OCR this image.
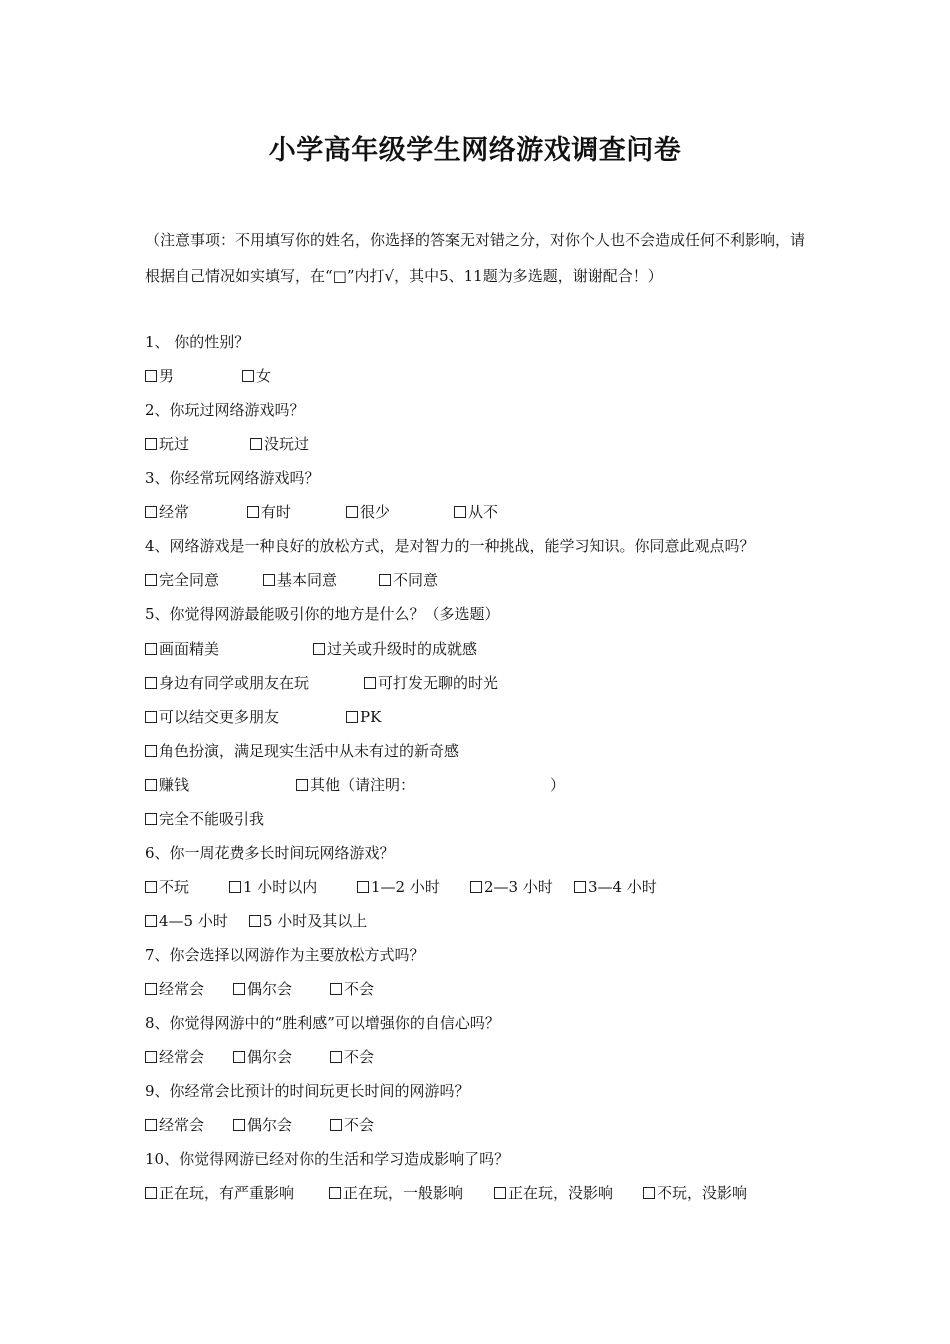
小学高年级学生网络游戏调查问卷

（注意事项：不用填写你的姓名，你选择的答案无对错之分，对你个人也不会造成任何不利影响，请根据自己情况如实填写，在“□”内打√，其中5、11题为多选题，谢谢配合！）

1、 你的性别？
男	女
2、你玩过网络游戏吗？
玩过	没玩过
3、你经常玩网络游戏吗？
经常	有时	很少	从不
4、网络游戏是一种良好的放松方式，是对智力的一种挑战，能学习知识。你同意此观点吗？
完全同意	基本同意	不同意
5、你觉得网游最能吸引你的地方是什么？（多选题）
画面精美	过关或升级时的成就感
身边有同学或朋友在玩	可打发无聊的时光
可以结交更多朋友	PK
角色扮演，满足现实生活中从未有过的新奇感
赚钱	其他（请注明：	）
完全不能吸引我
6、你一周花费多长时间玩网络游戏？
不玩	1 小时以内	1—2 小时	2—3 小时	3—4 小时
4—5 小时	5 小时及其以上
7、你会选择以网游作为主要放松方式吗？
经常会	偶尔会	不会
8、你觉得网游中的“胜利感”可以增强你的自信心吗？
经常会	偶尔会	不会
9、你经常会比预计的时间玩更长时间的网游吗？
经常会	偶尔会	不会
10、你觉得网游已经对你的生活和学习造成影响了吗？
正在玩，有严重影响	正在玩，一般影响	正在玩，没影响	不玩，没影响
